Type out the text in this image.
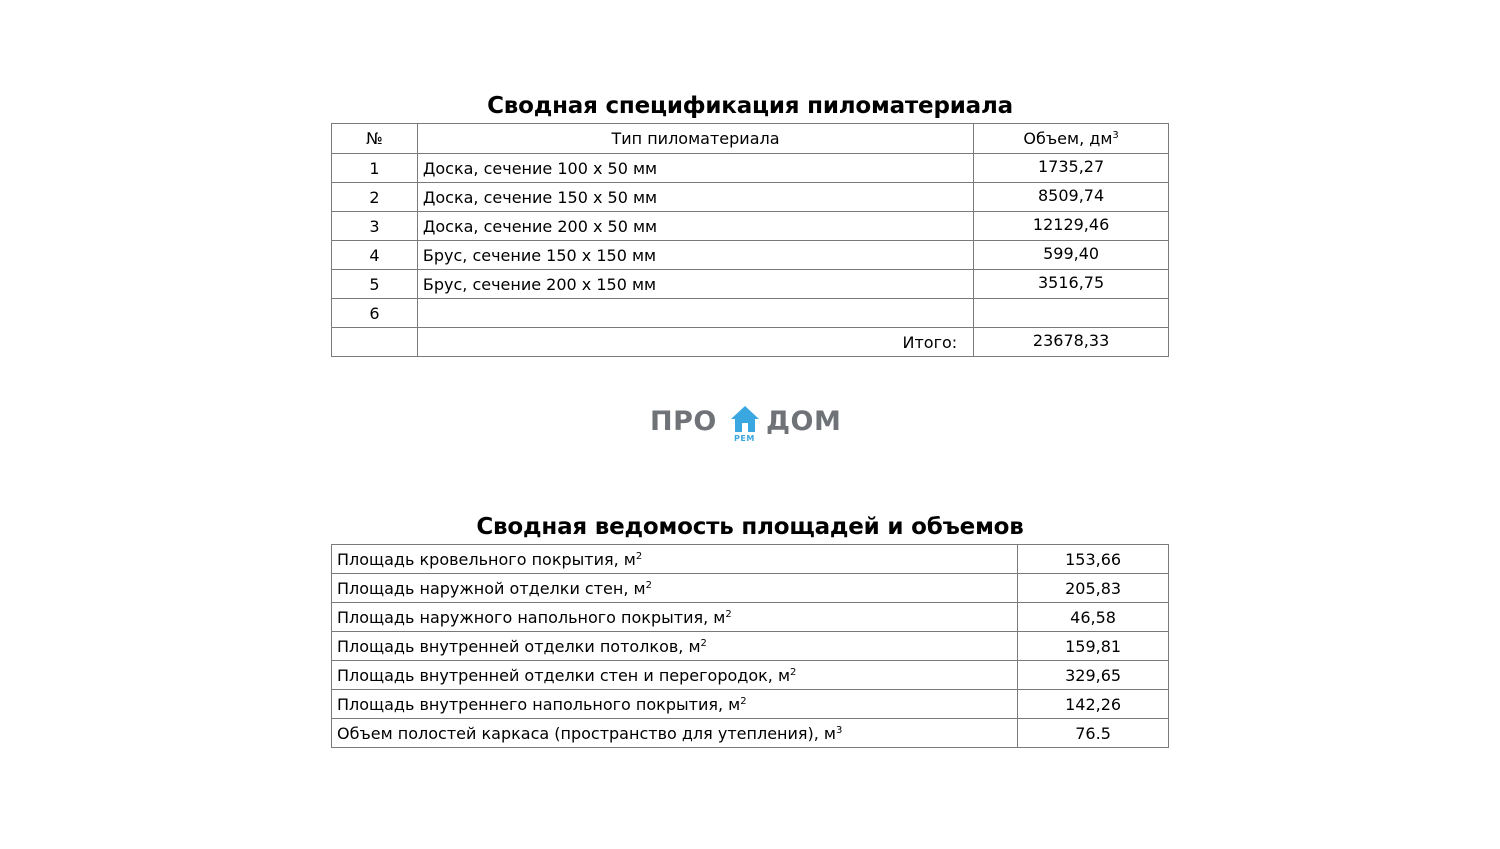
Сводная спецификация пиломатериала
№	Тип пиломатериала	Объем, $дм^3$
1	Доска, сечение 100 х 50 мм	1735,27
2	Доска, сечение 150 х 50 мм	8509,74
3	Доска, сечение 200 х 50 мм	12129,46
4	Брус, сечение 150 х 150 мм	599,40
5	Брус, сечение 200 х 150 мм	3516,75
6		
	Итого:	23678,33
ПРО
РЕМ
ДОМ
Сводная ведомость площадей и объемов
Площадь кровельного покрытия, $м^2$	153,66
Площадь наружной отделки стен, $м^2$	205,83
Площадь наружного напольного покрытия, $м^2$	46,58
Площадь внутренней отделки потолков, $м^2$	159,81
Площадь внутренней отделки стен и перегородок, $м^2$	329,65
Площадь внутреннего напольного покрытия, $м^2$	142,26
Объем полостей каркаса (пространство для утепления), $м^3$	76.5
